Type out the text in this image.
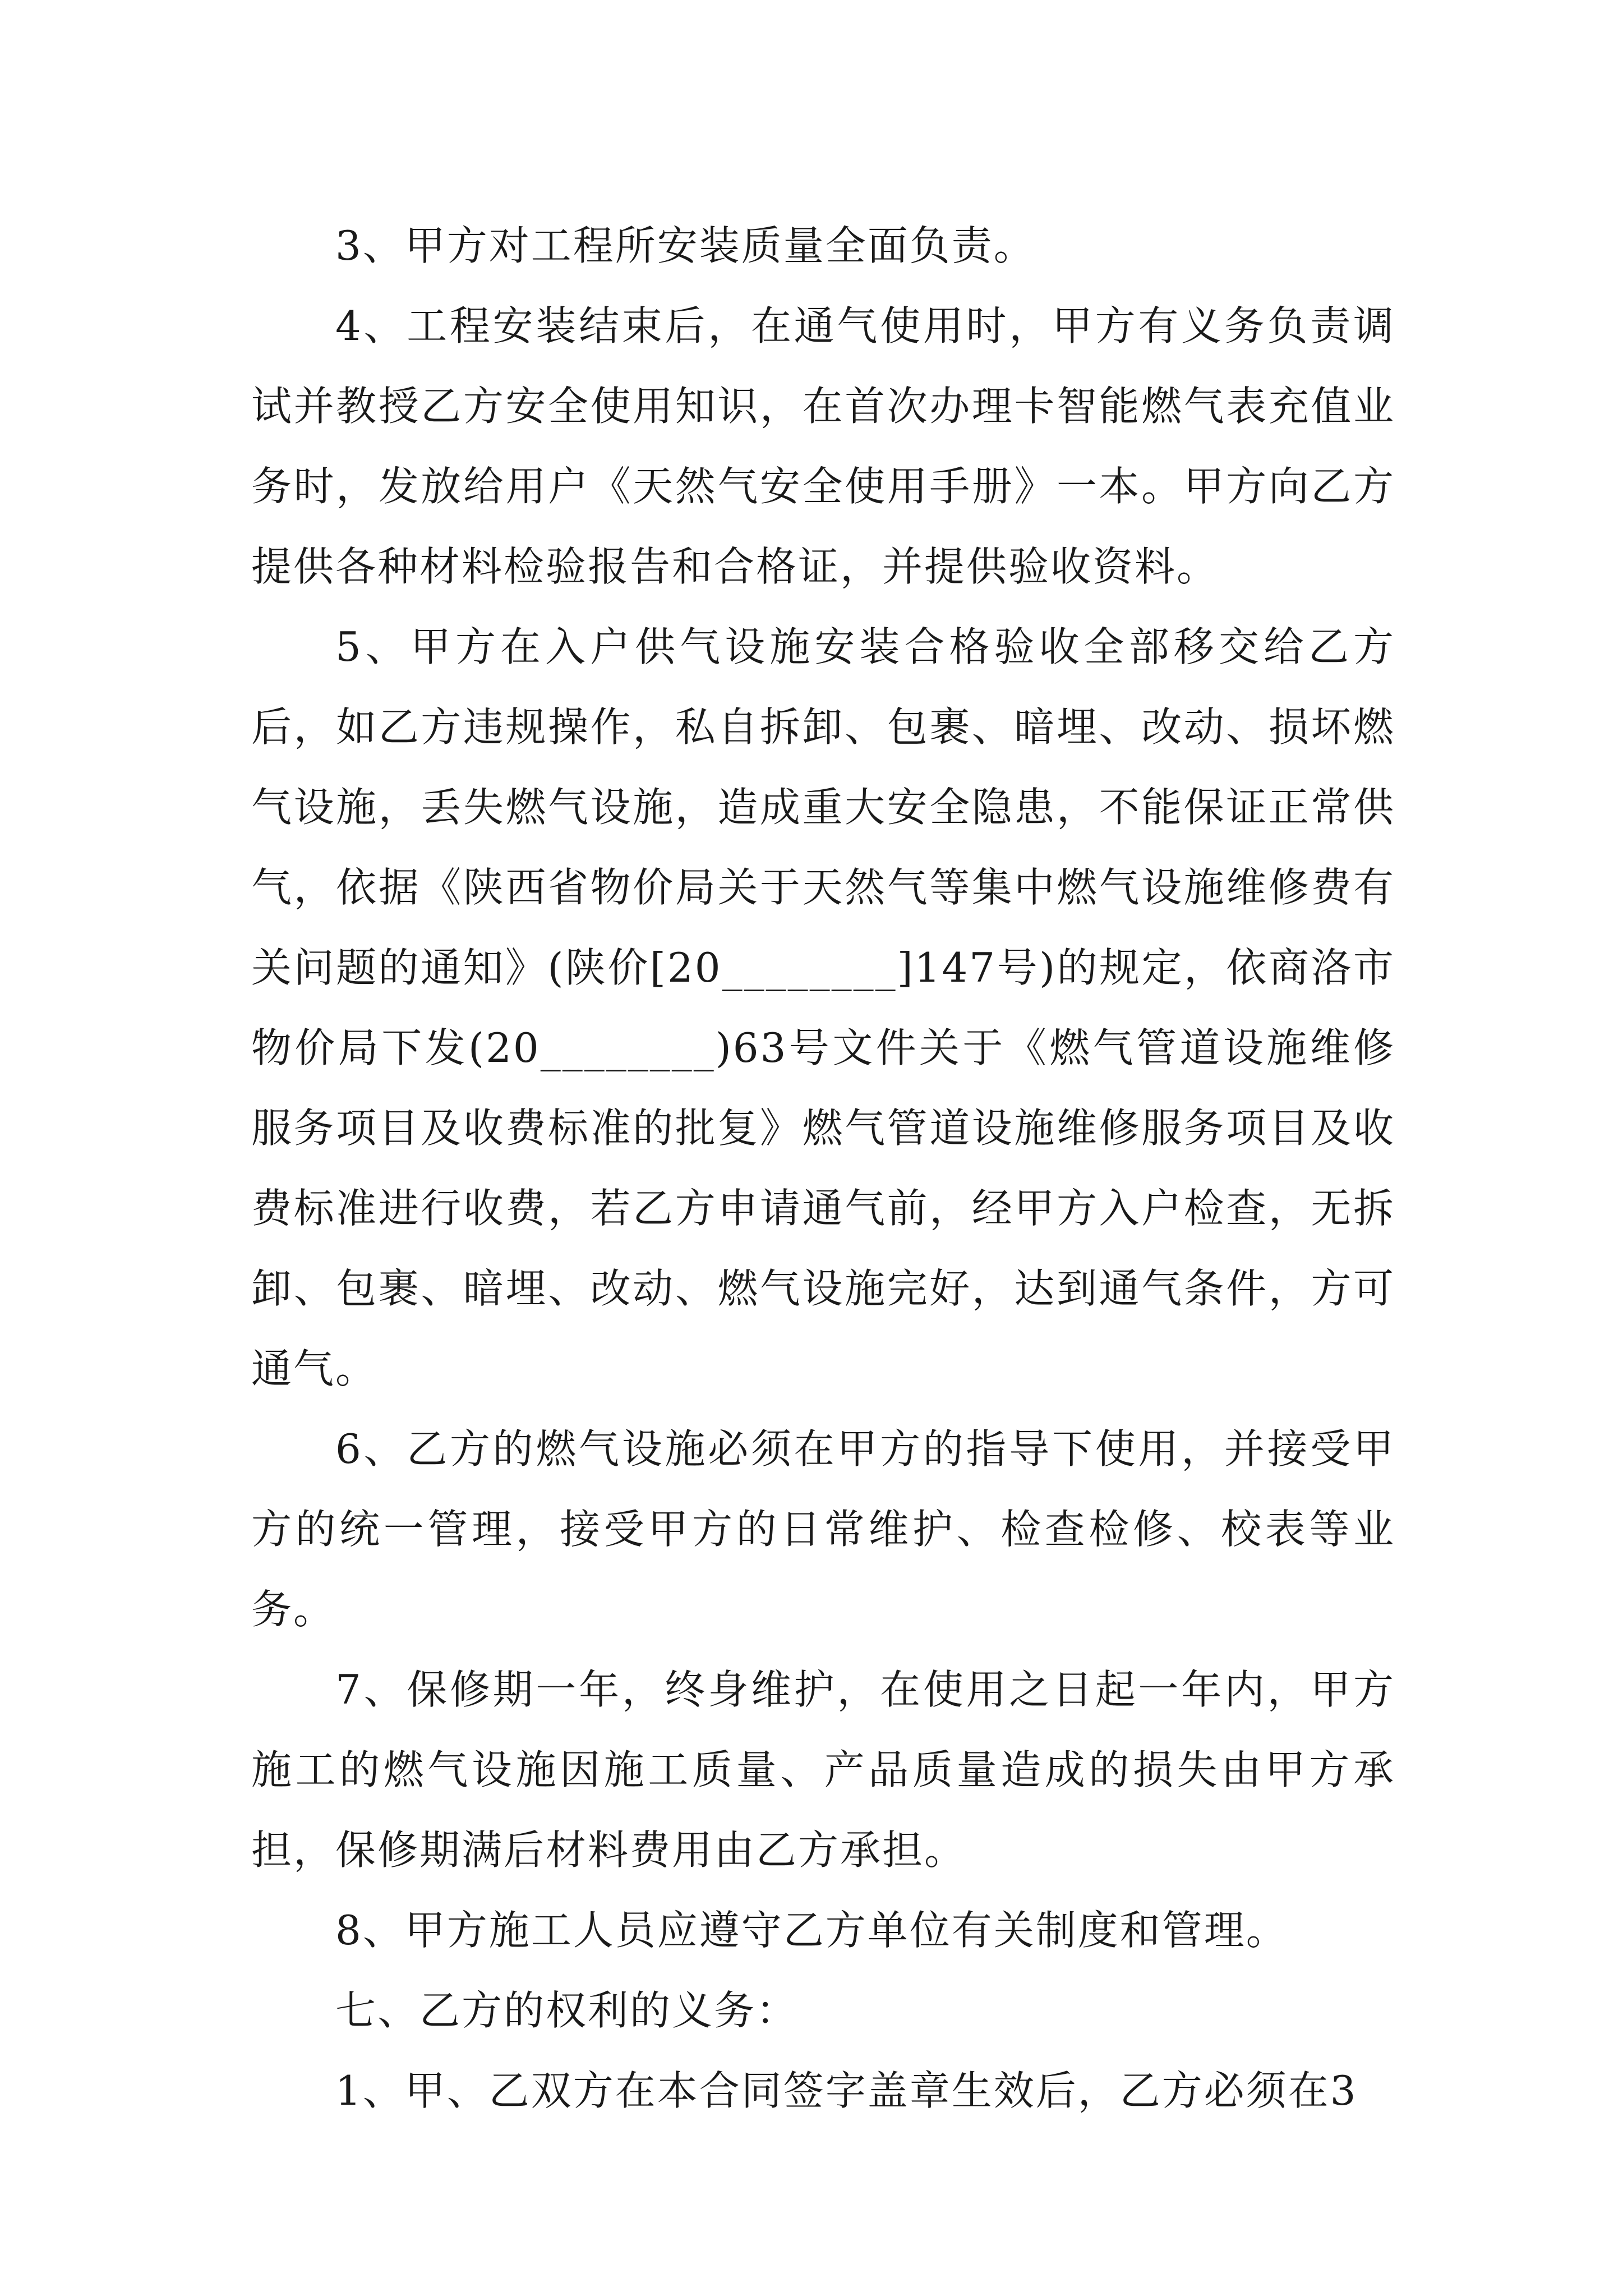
3、甲方对工程所安装质量全面负责。

4、工程安装结束后，在通气使用时，甲方有义务负责调试并教授乙方安全使用知识，在首次办理卡智能燃气表充值业务时，发放给用户《天然气安全使用手册》一本。甲方向乙方提供各种材料检验报告和合格证，并提供验收资料。

5、甲方在入户供气设施安装合格验收全部移交给乙方后，如乙方违规操作，私自拆卸、包裹、暗埋、改动、损坏燃气设施，丢失燃气设施，造成重大安全隐患，不能保证正常供气，依据《陕西省物价局关于天然气等集中燃气设施维修费有关问题的通知》(陕价[20________]147号)的规定，依商洛市物价局下发(20________)63号文件关于《燃气管道设施维修服务项目及收费标准的批复》燃气管道设施维修服务项目及收费标准进行收费，若乙方申请通气前，经甲方入户检查，无拆卸、包裹、暗埋、改动、燃气设施完好，达到通气条件，方可通气。

6、乙方的燃气设施必须在甲方的指导下使用，并接受甲方的统一管理，接受甲方的日常维护、检查检修、校表等业务。

7、保修期一年，终身维护，在使用之日起一年内，甲方施工的燃气设施因施工质量、产品质量造成的损失由甲方承担，保修期满后材料费用由乙方承担。

8、甲方施工人员应遵守乙方单位有关制度和管理。

七、乙方的权利的义务：

1、甲、乙双方在本合同签字盖章生效后，乙方必须在3
